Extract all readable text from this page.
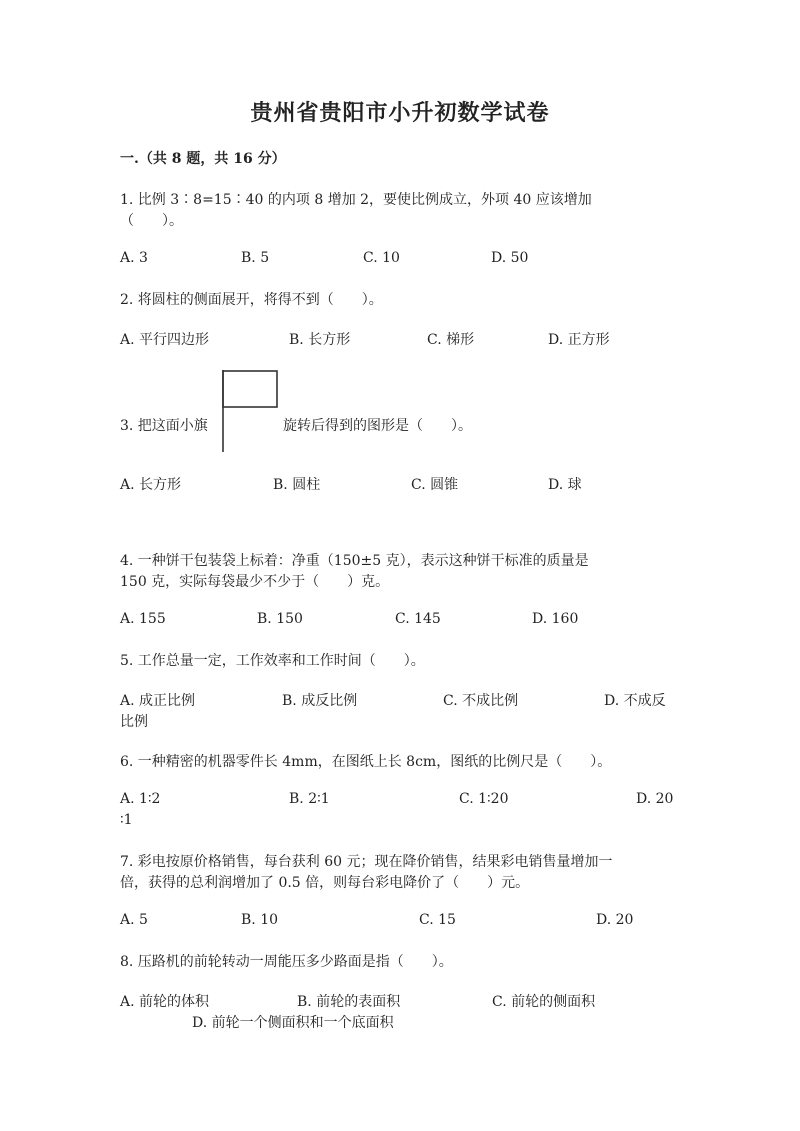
贵州省贵阳市小升初数学试卷
一.（共 8 题，共 16 分）
1. 比例 3∶8=15∶40 的内项 8 增加 2，要使比例成立，外项 40 应该增加
（　　）。
A. 3	B. 5	C. 10	D. 50
2. 将圆柱的侧面展开，将得不到（　　）。
A. 平行四边形	B. 长方形	C. 梯形	D. 正方形
3. 把这面小旗	旋转后得到的图形是（　　）。
A. 长方形	B. 圆柱	C. 圆锥	D. 球
4. 一种饼干包装袋上标着：净重（150±5 克），表示这种饼干标准的质量是
150 克，实际每袋最少不少于（　　）克。
A. 155	B. 150	C. 145	D. 160
5. 工作总量一定，工作效率和工作时间（　　）。
A. 成正比例	B. 成反比例	C. 不成比例	D. 不成反
比例
6. 一种精密的机器零件长 4mm，在图纸上长 8cm，图纸的比例尺是（　　）。
A. 1∶2	B. 2∶1	C. 1∶20	D. 20
∶1
7. 彩电按原价格销售，每台获利 60 元；现在降价销售，结果彩电销售量增加一
倍，获得的总利润增加了 0.5 倍，则每台彩电降价了（　　）元。
A. 5	B. 10	C. 15	D. 20
8. 压路机的前轮转动一周能压多少路面是指（　　）。
A. 前轮的体积	B. 前轮的表面积	C. 前轮的侧面积
D. 前轮一个侧面积和一个底面积
